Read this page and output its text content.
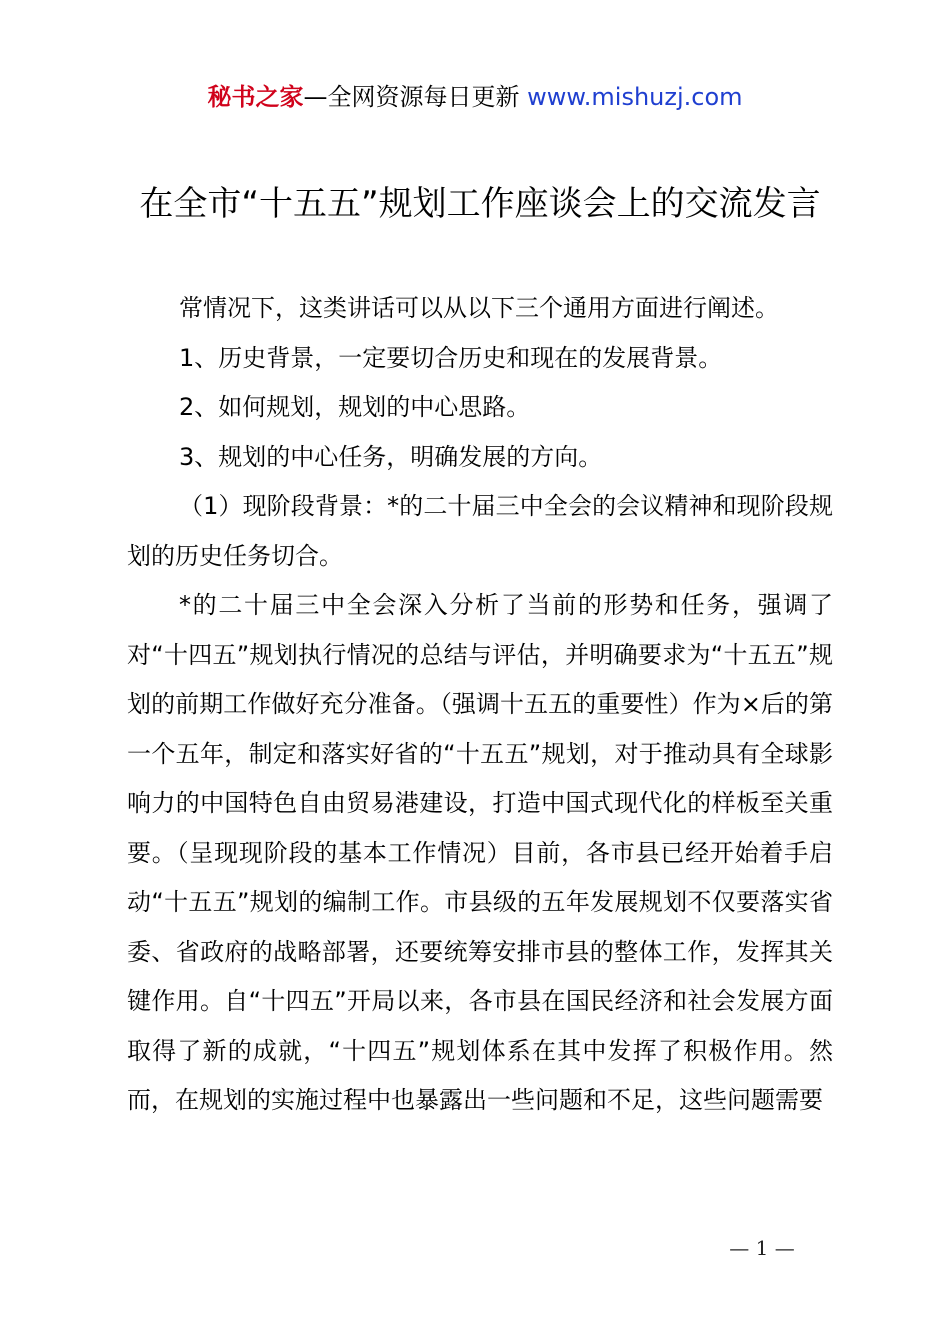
秘书之家—全网资源每日更新 www.mishuzj.com
在全市“十五五”规划工作座谈会上的交流发言

常情况下，这类讲话可以从以下三个通用方面进行阐述。

1、历史背景，一定要切合历史和现在的发展背景。

2、如何规划，规划的中心思路。

3、规划的中心任务，明确发展的方向。

（1）现阶段背景：*的二十届三中全会的会议精神和现阶段规划的历史任务切合。

*的二十届三中全会深入分析了当前的形势和任务，强调了对“十四五”规划执行情况的总结与评估，并明确要求为“十五五”规划的前期工作做好充分准备。（强调十五五的重要性）作为×后的第一个五年，制定和落实好省的“十五五”规划，对于推动具有全球影响力的中国特色自由贸易港建设，打造中国式现代化的样板至关重要。（呈现现阶段的基本工作情况）目前，各市县已经开始着手启动“十五五”规划的编制工作。市县级的五年发展规划不仅要落实省委、省政府的战略部署，还要统筹安排市县的整体工作，发挥其关键作用。自“十四五”开局以来，各市县在国民经济和社会发展方面取得了新的成就，“十四五”规划体系在其中发挥了积极作用。然而，在规划的实施过程中也暴露出一些问题和不足，这些问题需要

— 1 —
